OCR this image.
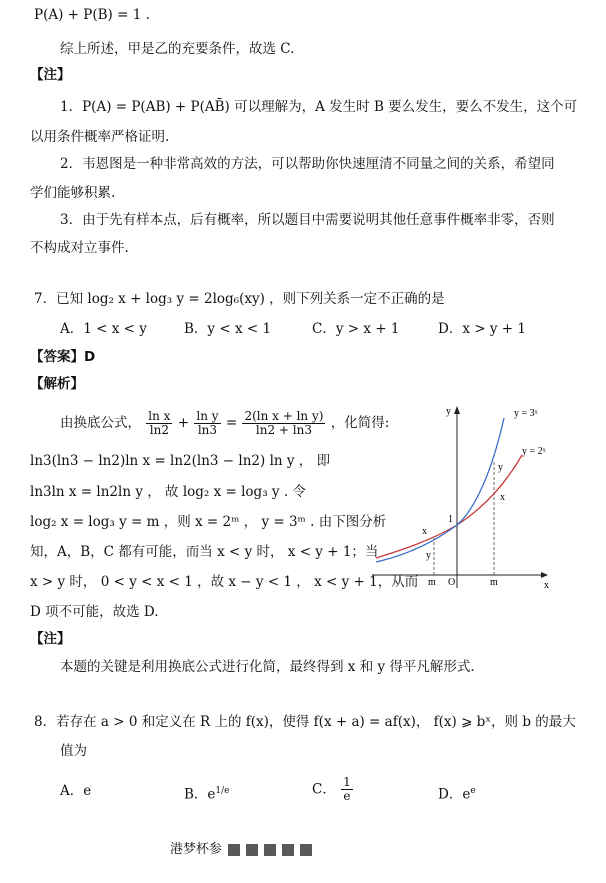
P(A) + P(B) = 1 .
综上所述，甲是乙的充要条件，故选 C.
【注】
1．P(A) = P(AB) + P(AB̄) 可以理解为，A 发生时 B 要么发生，要么不发生，这个可
以用条件概率严格证明.
2．韦恩图是一种非常高效的方法，可以帮助你快速厘清不同量之间的关系，希望同
学们能够积累.
3．由于先有样本点，后有概率，所以题目中需要说明其他任意事件概率非零，否则
不构成对立事件.
7．已知 log₂ x + log₃ y = 2log₆(xy) ，则下列关系一定不正确的是
A．1 < x < y	B．y < x < 1	C．y > x + 1	D．x > y + 1
【答案】D
【解析】
由换底公式， $\frac{\text{ln x}}{\ln 2} + \frac{\text{ln y}}{\ln 3} = \frac{\text{2(ln x + ln y)}}{\ln 2 + \ln 3}$ ，化简得:
ln3(ln3 − ln2)ln x = ln2(ln3 − ln2) ln y ， 即
ln3ln x = ln2ln y ， 故 log₂ x = log₃ y . 令
log₂ x = log₃ y = m ，则 x = 2ᵐ ， y = 3ᵐ . 由下图分析
知，A，B，C 都有可能，而当 x < y 时， x < y + 1；当
x > y 时， 0 < y < x < 1 ，故 x − y < 1 ， x < y + 1，从而
D 项不可能，故选 D.
y = 3ˣ
y = 2ˣ
x
y
O
1
m	m
y
x
x
y
【注】
本题的关键是利用换底公式进行化简，最终得到 x 和 y 得平凡解形式.
8．若存在 a > 0 和定义在 R 上的 f(x)，使得 f(x + a) = af(x)， f(x) ⩾ bˣ，则 b 的最大
值为
A．e	B．$e^{1/e}$	C． $\frac{1}{e}$	D．$e^e$
港梦杯参
